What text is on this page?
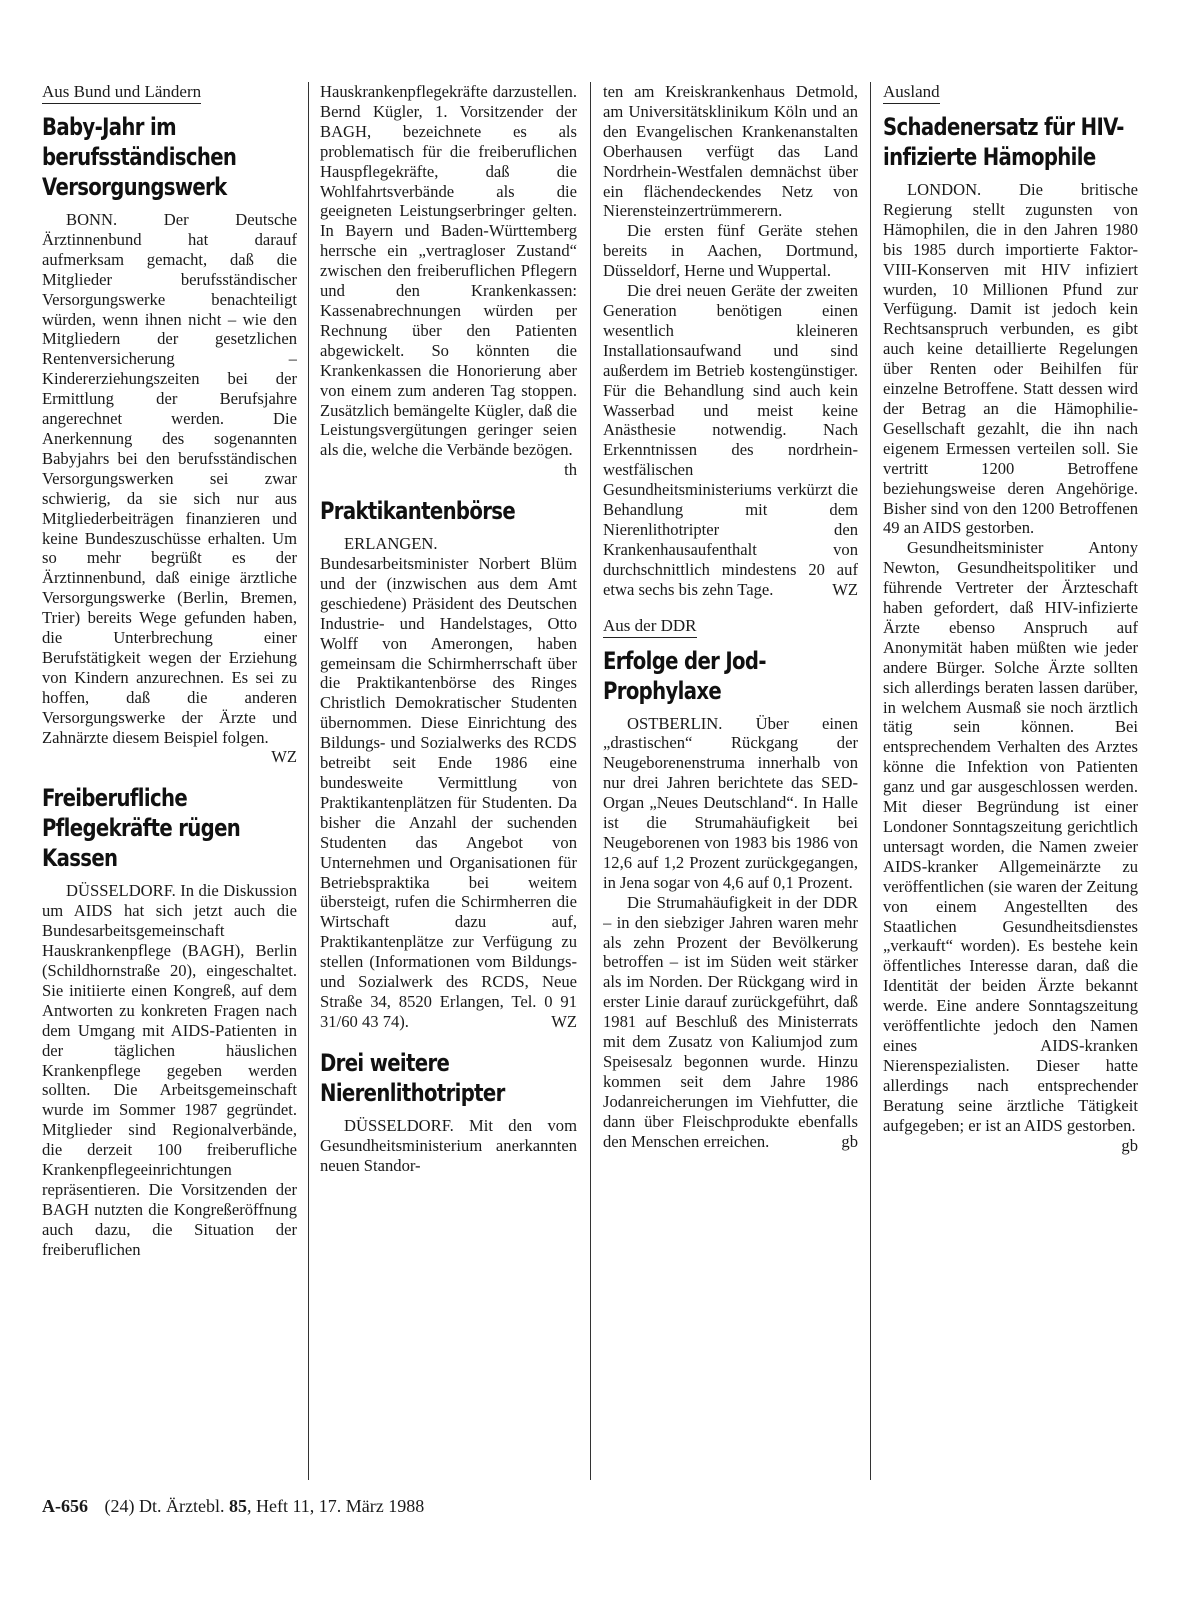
Aus Bund und Ländern
Baby-Jahr im berufsständischen Versorgungswerk

BONN. Der Deutsche Ärztinnenbund hat darauf aufmerksam gemacht, daß die Mitglieder berufsständischer Versorgungswerke benachteiligt würden, wenn ihnen nicht – wie den Mitgliedern der gesetzlichen Rentenversicherung – Kindererziehungszeiten bei der Ermittlung der Berufsjahre angerechnet werden. Die Anerkennung des sogenannten Babyjahrs bei den berufsständischen Versorgungswerken sei zwar schwierig, da sie sich nur aus Mitgliederbeiträgen finanzieren und keine Bundeszuschüsse erhalten. Um so mehr begrüßt es der Ärztinnenbund, daß einige ärztliche Versorgungswerke (Berlin, Bremen, Trier) bereits Wege gefunden haben, die Unterbrechung einer Berufstätigkeit wegen der Erziehung von Kindern anzurechnen. Es sei zu hoffen, daß die anderen Versorgungswerke der Ärzte und Zahnärzte diesem Beispiel folgen.
WZ

Freiberufliche Pflegekräfte rügen Kassen

DÜSSELDORF. In die Diskussion um AIDS hat sich jetzt auch die Bundesarbeitsgemeinschaft Hauskrankenpflege (BAGH), Berlin (Schildhornstraße 20), eingeschaltet. Sie initiierte einen Kongreß, auf dem Antworten zu konkreten Fragen nach dem Umgang mit AIDS-Patienten in der täglichen häuslichen Krankenpflege gegeben werden sollten. Die Arbeitsgemeinschaft wurde im Sommer 1987 gegründet. Mitglieder sind Regionalverbände, die derzeit 100 freiberufliche Krankenpflegeeinrichtungen repräsentieren. Die Vorsitzenden der BAGH nutzten die Kongreßeröffnung auch dazu, die Situation der freiberuflichen

Hauskrankenpflegekräfte darzustellen. Bernd Kügler, 1. Vorsitzender der BAGH, bezeichnete es als problematisch für die freiberuflichen Hauspflegekräfte, daß die Wohlfahrtsverbände als die geeigneten Leistungserbringer gelten. In Bayern und Baden-Württemberg herrsche ein „vertragloser Zustand“ zwischen den freiberuflichen Pflegern und den Krankenkassen: Kassenabrechnungen würden per Rechnung über den Patienten abgewickelt. So könnten die Krankenkassen die Honorierung aber von einem zum anderen Tag stoppen. Zusätzlich bemängelte Kügler, daß die Leistungsvergütungen geringer seien als die, welche die Verbände bezögen.
th

Praktikantenbörse

ERLANGEN. Bundesarbeitsminister Norbert Blüm und der (inzwischen aus dem Amt geschiedene) Präsident des Deutschen Industrie- und Handelstages, Otto Wolff von Amerongen, haben gemeinsam die Schirmherrschaft über die Praktikantenbörse des Ringes Christlich Demokratischer Studenten übernommen. Diese Einrichtung des Bildungs- und Sozialwerks des RCDS betreibt seit Ende 1986 eine bundesweite Vermittlung von Praktikantenplätzen für Studenten. Da bisher die Anzahl der suchenden Studenten das Angebot von Unternehmen und Organisationen für Betriebspraktika bei weitem übersteigt, rufen die Schirmherren die Wirtschaft dazu auf, Praktikantenplätze zur Verfügung zu stellen (Informationen vom Bildungs- und Sozialwerk des RCDS, Neue Straße 34, 8520 Erlangen, Tel. 0 91 31/60 43 74).	WZ

Drei weitere Nierenlithotripter

DÜSSELDORF. Mit den vom Gesundheitsministerium anerkannten neuen Standor-

ten am Kreiskrankenhaus Detmold, am Universitätsklinikum Köln und an den Evangelischen Krankenanstalten Oberhausen verfügt das Land Nordrhein-Westfalen demnächst über ein flächendeckendes Netz von Nierensteinzertrümmerern.

Die ersten fünf Geräte stehen bereits in Aachen, Dortmund, Düsseldorf, Herne und Wuppertal.

Die drei neuen Geräte der zweiten Generation benötigen einen wesentlich kleineren Installationsaufwand und sind außerdem im Betrieb kostengünstiger. Für die Behandlung sind auch kein Wasserbad und meist keine Anästhesie notwendig. Nach Erkenntnissen des nordrhein-westfälischen Gesundheitsministeriums verkürzt die Behandlung mit dem Nierenlithotripter den Krankenhausaufenthalt von durchschnittlich mindestens 20 auf etwa sechs bis zehn Tage.	WZ

Aus der DDR
Erfolge der Jod-Prophylaxe

OSTBERLIN. Über einen „drastischen“ Rückgang der Neugeborenenstruma innerhalb von nur drei Jahren berichtete das SED-Organ „Neues Deutschland“. In Halle ist die Strumahäufigkeit bei Neugeborenen von 1983 bis 1986 von 12,6 auf 1,2 Prozent zurückgegangen, in Jena sogar von 4,6 auf 0,1 Prozent.

Die Strumahäufigkeit in der DDR – in den siebziger Jahren waren mehr als zehn Prozent der Bevölkerung betroffen – ist im Süden weit stärker als im Norden. Der Rückgang wird in erster Linie darauf zurückgeführt, daß 1981 auf Beschluß des Ministerrats mit dem Zusatz von Kaliumjod zum Speisesalz begonnen wurde. Hinzu kommen seit dem Jahre 1986 Jodanreicherungen im Viehfutter, die dann über Fleischprodukte ebenfalls den Menschen erreichen.	gb

Ausland
Schadenersatz für HIV-infizierte Hämophile

LONDON. Die britische Regierung stellt zugunsten von Hämophilen, die in den Jahren 1980 bis 1985 durch importierte Faktor-VIII-Konserven mit HIV infiziert wurden, 10 Millionen Pfund zur Verfügung. Damit ist jedoch kein Rechtsanspruch verbunden, es gibt auch keine detaillierte Regelungen über Renten oder Beihilfen für einzelne Betroffene. Statt dessen wird der Betrag an die Hämophilie-Gesellschaft gezahlt, die ihn nach eigenem Ermessen verteilen soll. Sie vertritt 1200 Betroffene beziehungsweise deren Angehörige. Bisher sind von den 1200 Betroffenen 49 an AIDS gestorben.

Gesundheitsminister Antony Newton, Gesundheitspolitiker und führende Vertreter der Ärzteschaft haben gefordert, daß HIV-infizierte Ärzte ebenso Anspruch auf Anonymität haben müßten wie jeder andere Bürger. Solche Ärzte sollten sich allerdings beraten lassen darüber, in welchem Ausmaß sie noch ärztlich tätig sein können. Bei entsprechendem Verhalten des Arztes könne die Infektion von Patienten ganz und gar ausgeschlossen werden. Mit dieser Begründung ist einer Londoner Sonntagszeitung gerichtlich untersagt worden, die Namen zweier AIDS-kranker Allgemeinärzte zu veröffentlichen (sie waren der Zeitung von einem Angestellten des Staatlichen Gesundheitsdienstes „verkauft“ worden). Es bestehe kein öffentliches Interesse daran, daß die Identität der beiden Ärzte bekannt werde. Eine andere Sonntagszeitung veröffentlichte jedoch den Namen eines AIDS-kranken Nierenspezialisten. Dieser hatte allerdings nach entsprechender Beratung seine ärztliche Tätigkeit aufgegeben; er ist an AIDS gestorben.
gb

A-656 (24) Dt. Ärztebl. 85, Heft 11, 17. März 1988
